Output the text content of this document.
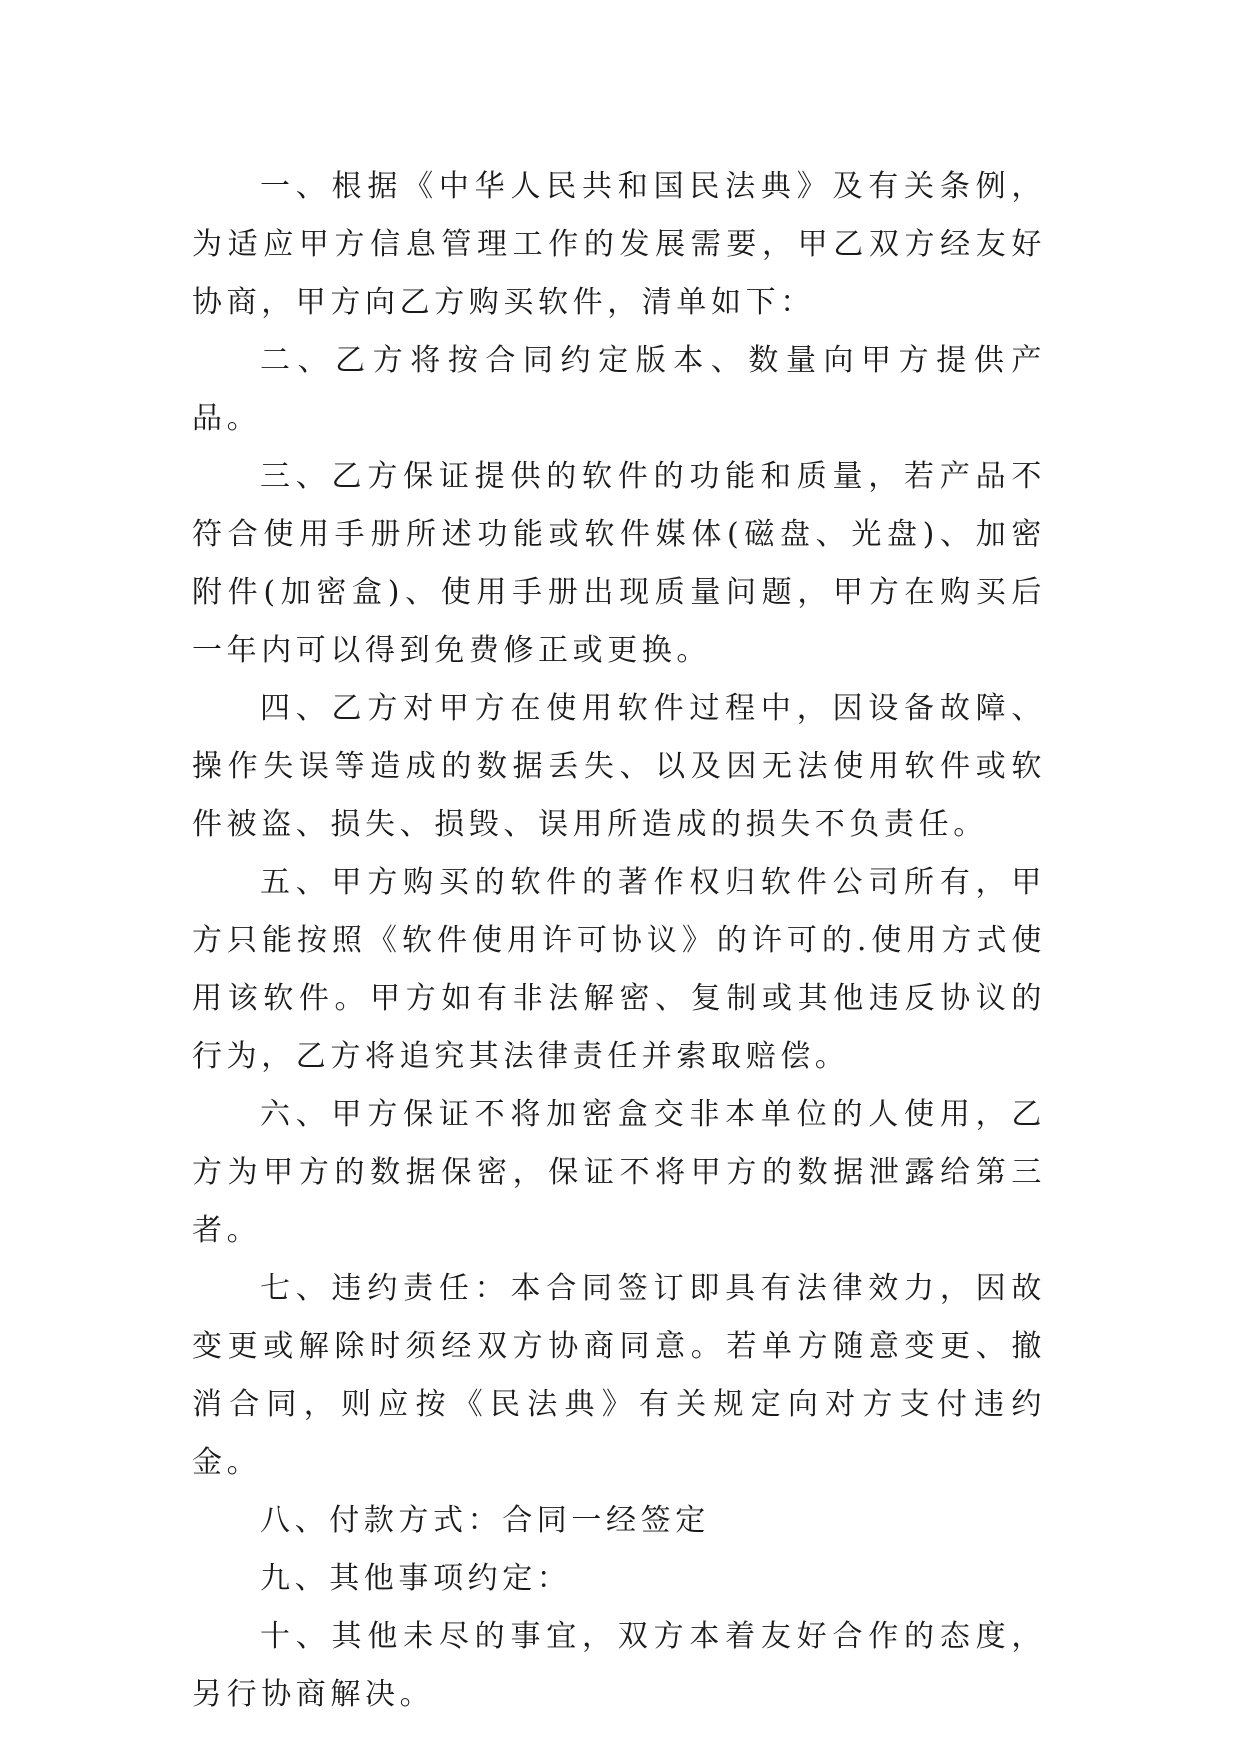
一、根据《中华人民共和国民法典》及有关条例，为适应甲方信息管理工作的发展需要，甲乙双方经友好协商，甲方向乙方购买软件，清单如下：

二、乙方将按合同约定版本、数量向甲方提供产品。

三、乙方保证提供的软件的功能和质量，若产品不符合使用手册所述功能或软件媒体(磁盘、光盘)、加密附件(加密盒)、使用手册出现质量问题，甲方在购买后一年内可以得到免费修正或更换。

四、乙方对甲方在使用软件过程中，因设备故障、操作失误等造成的数据丢失、以及因无法使用软件或软件被盗、损失、损毁、误用所造成的损失不负责任。

五、甲方购买的软件的著作权归软件公司所有，甲方只能按照《软件使用许可协议》的许可的.使用方式使用该软件。甲方如有非法解密、复制或其他违反协议的行为，乙方将追究其法律责任并索取赔偿。

六、甲方保证不将加密盒交非本单位的人使用，乙方为甲方的数据保密，保证不将甲方的数据泄露给第三者。

七、违约责任：本合同签订即具有法律效力，因故变更或解除时须经双方协商同意。若单方随意变更、撤消合同，则应按《民法典》有关规定向对方支付违约金。

八、付款方式：合同一经签定

九、其他事项约定：

十、其他未尽的事宜，双方本着友好合作的态度，另行协商解决。
